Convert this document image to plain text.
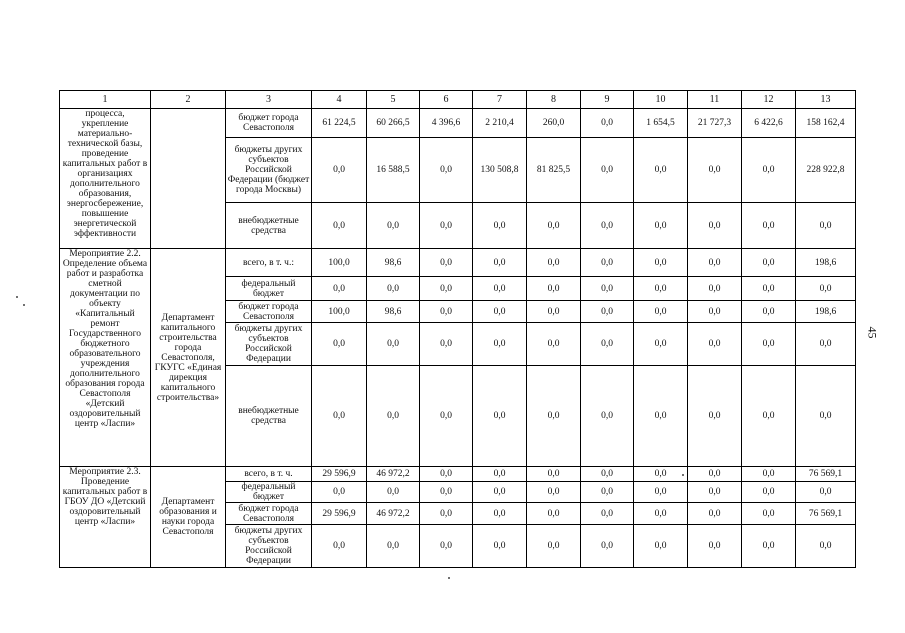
45
1	2	3	4	5	6	7	8	9	10	11	12	13
процесса, укрепление материально-технической базы, проведение капитальных работ в организациях дополнительного образования, энергосбережение, повышение энергетической эффективности		бюджет города Севастополя	61 224,5	60 266,5	4 396,6	2 210,4	260,0	0,0	1 654,5	21 727,3	6 422,6	158 162,4
		бюджеты других субъектов Российской Федерации (бюджет города Москвы)	0,0	16 588,5	0,0	130 508,8	81 825,5	0,0	0,0	0,0	0,0	228 922,8
		внебюджетные средства	0,0	0,0	0,0	0,0	0,0	0,0	0,0	0,0	0,0	0,0
Мероприятие 2.2. Определение объема работ и разработка сметной документации по объекту «Капитальный ремонт Государственного бюджетного образовательного учреждения дополнительного образования города Севастополя «Детский оздоровительный центр «Ласпи»	Департамент капитального строительства города Севастополя, ГКУГС «Единая дирекция капитального строительства»	всего, в т. ч.:	100,0	98,6	0,0	0,0	0,0	0,0	0,0	0,0	0,0	198,6
		федеральный бюджет	0,0	0,0	0,0	0,0	0,0	0,0	0,0	0,0	0,0	0,0
		бюджет города Севастополя	100,0	98,6	0,0	0,0	0,0	0,0	0,0	0,0	0,0	198,6
		бюджеты других субъектов Российской Федерации	0,0	0,0	0,0	0,0	0,0	0,0	0,0	0,0	0,0	0,0
		внебюджетные средства	0,0	0,0	0,0	0,0	0,0	0,0	0,0	0,0	0,0	0,0
Мероприятие 2.3. Проведение капитальных работ в ГБОУ ДО «Детский оздоровительный центр «Ласпи»	Департамент образования и науки города Севастополя	всего, в т. ч.	29 596,9	46 972,2	0,0	0,0	0,0	0,0	0,0	0,0	0,0	76 569,1
		федеральный бюджет	0,0	0,0	0,0	0,0	0,0	0,0	0,0	0,0	0,0	0,0
		бюджет города Севастополя	29 596,9	46 972,2	0,0	0,0	0,0	0,0	0,0	0,0	0,0	76 569,1
		бюджеты других субъектов Российской Федерации	0,0	0,0	0,0	0,0	0,0	0,0	0,0	0,0	0,0	0,0
